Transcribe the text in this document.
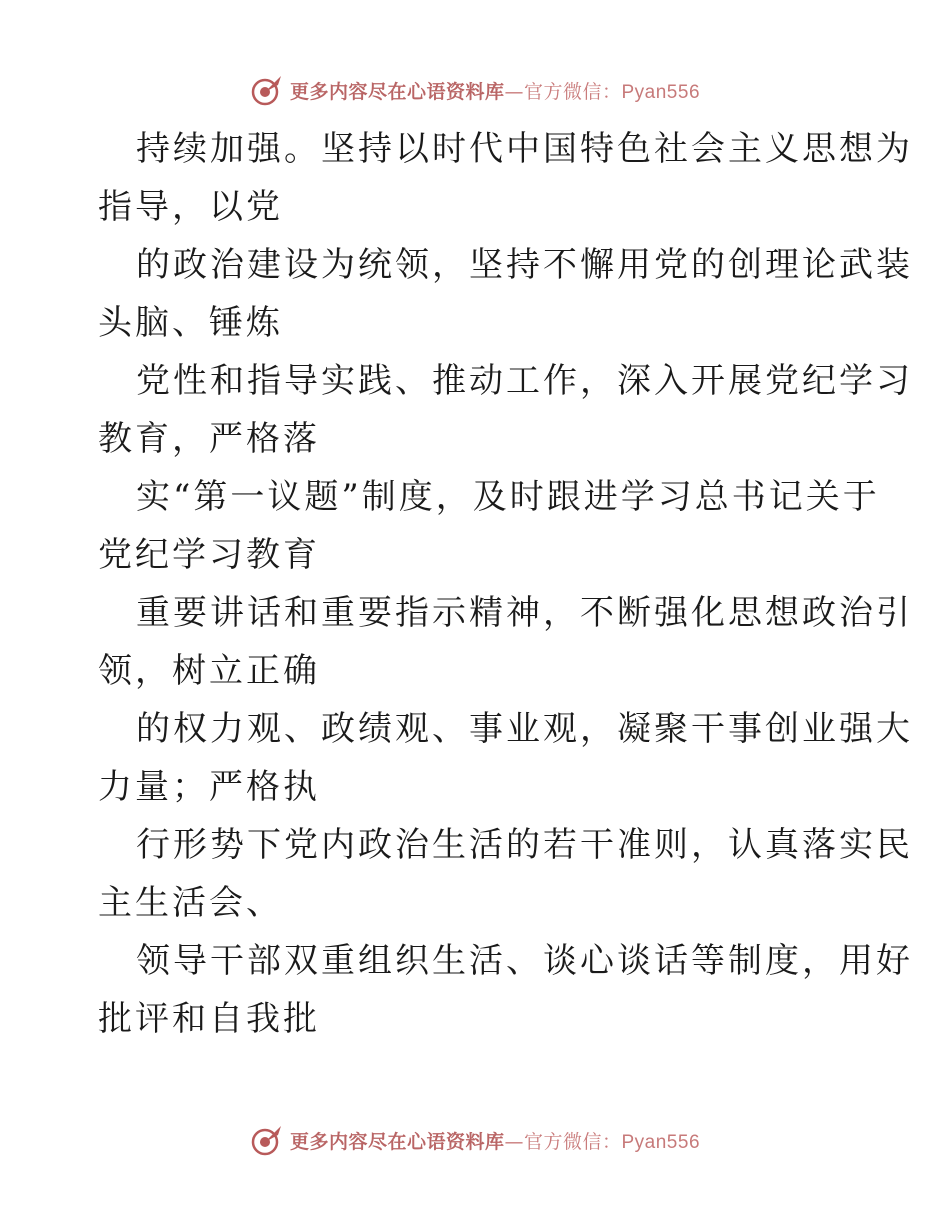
更多内容尽在心语资料库—官方微信：Pyan556

持续加强。坚持以时代中国特色社会主义思想为

指导，以党

的政治建设为统领，坚持不懈用党的创理论武装

头脑、锤炼

党性和指导实践、推动工作，深入开展党纪学习

教育，严格落

实“第一议题”制度，及时跟进学习总书记关于

党纪学习教育

重要讲话和重要指示精神，不断强化思想政治引

领，树立正确

的权力观、政绩观、事业观，凝聚干事创业强大

力量；严格执

行形势下党内政治生活的若干准则，认真落实民

主生活会、

领导干部双重组织生活、谈心谈话等制度，用好

批评和自我批

更多内容尽在心语资料库—官方微信：Pyan556
